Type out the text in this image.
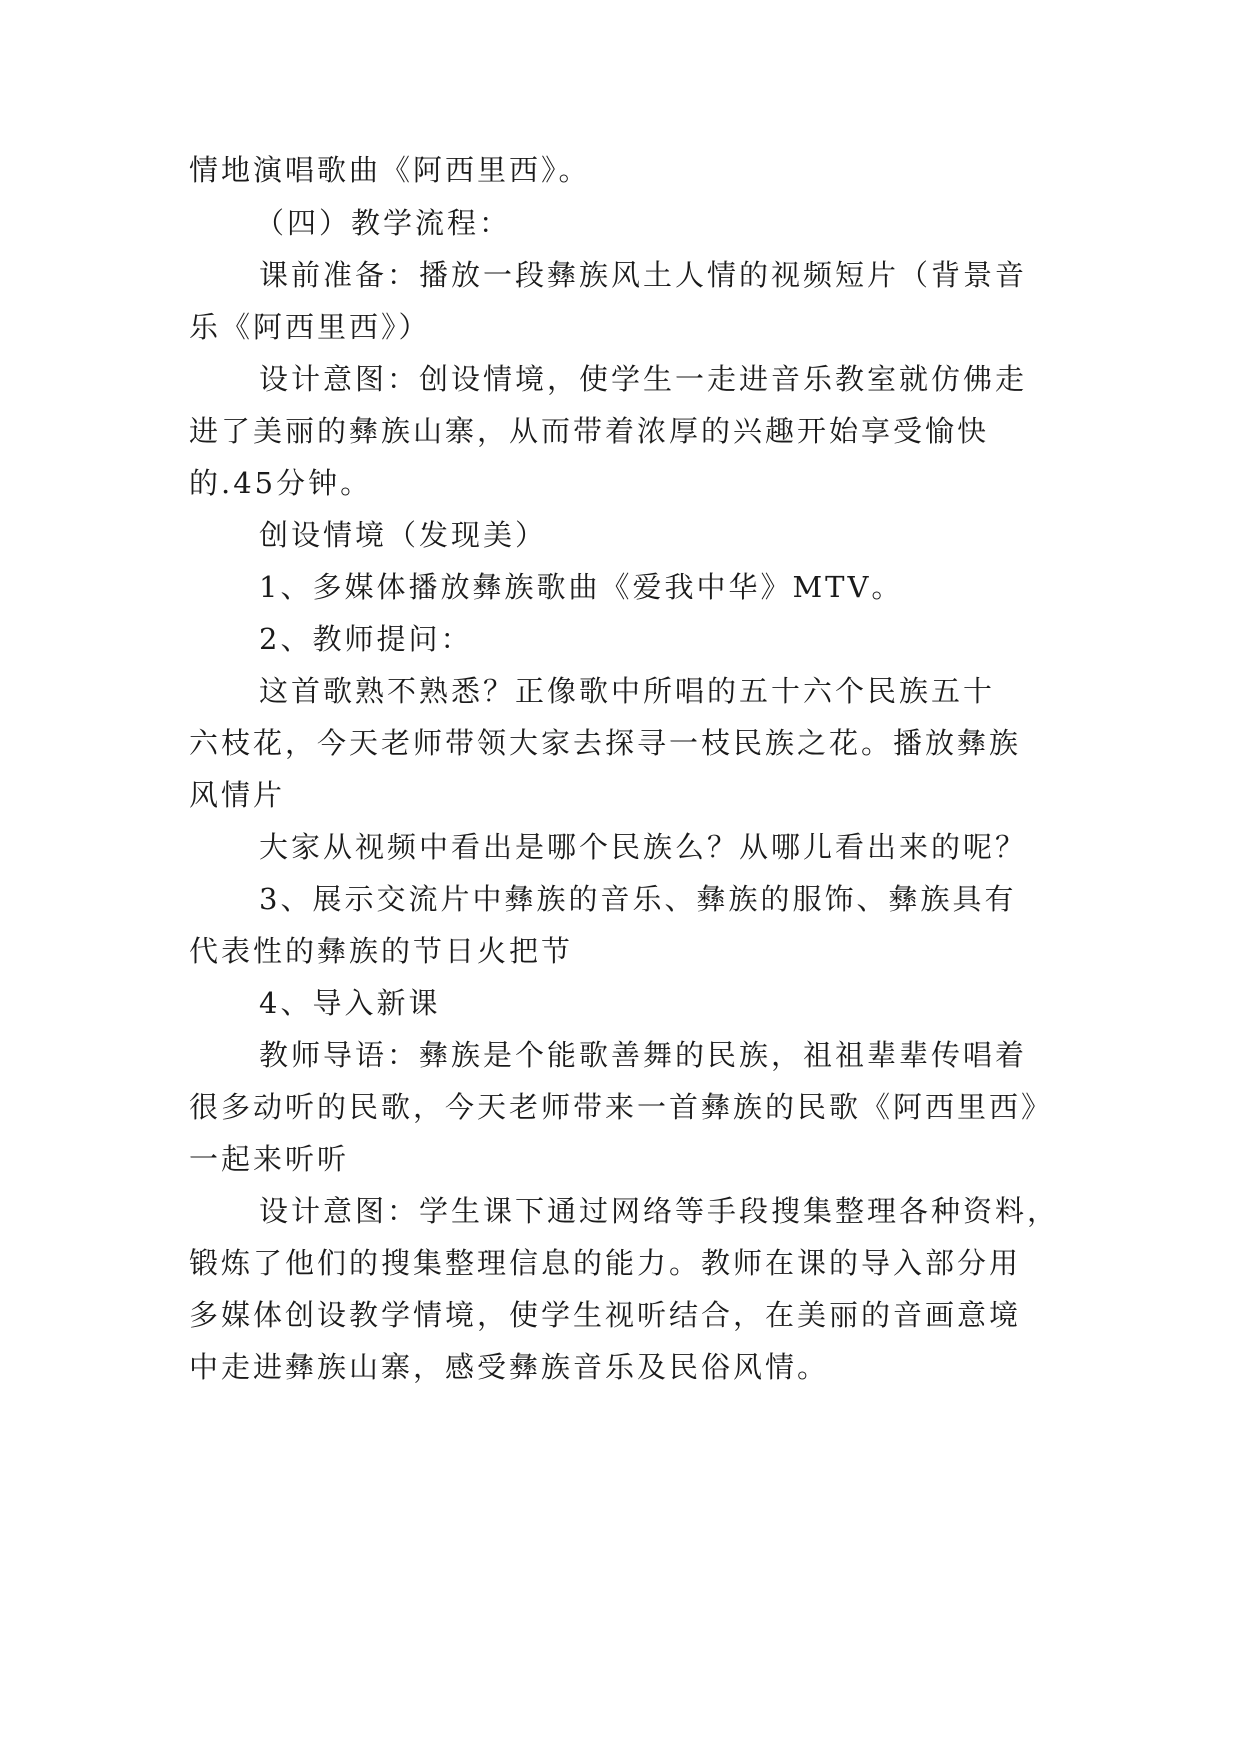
情地演唱歌曲《阿西里西》。
（四）教学流程：
课前准备：播放一段彝族风土人情的视频短片（背景音
乐《阿西里西》）
设计意图：创设情境，使学生一走进音乐教室就仿佛走
进了美丽的彝族山寨，从而带着浓厚的兴趣开始享受愉快
的.45分钟。
创设情境（发现美）
1、多媒体播放彝族歌曲《爱我中华》MTV。
2、教师提问：
这首歌熟不熟悉？正像歌中所唱的五十六个民族五十
六枝花，今天老师带领大家去探寻一枝民族之花。播放彝族
风情片
大家从视频中看出是哪个民族么？从哪儿看出来的呢？
3、展示交流片中彝族的音乐、彝族的服饰、彝族具有
代表性的彝族的节日火把节
4、导入新课
教师导语：彝族是个能歌善舞的民族，祖祖辈辈传唱着
很多动听的民歌，今天老师带来一首彝族的民歌《阿西里西》
一起来听听
设计意图：学生课下通过网络等手段搜集整理各种资料，
锻炼了他们的搜集整理信息的能力。教师在课的导入部分用
多媒体创设教学情境，使学生视听结合，在美丽的音画意境
中走进彝族山寨，感受彝族音乐及民俗风情。
